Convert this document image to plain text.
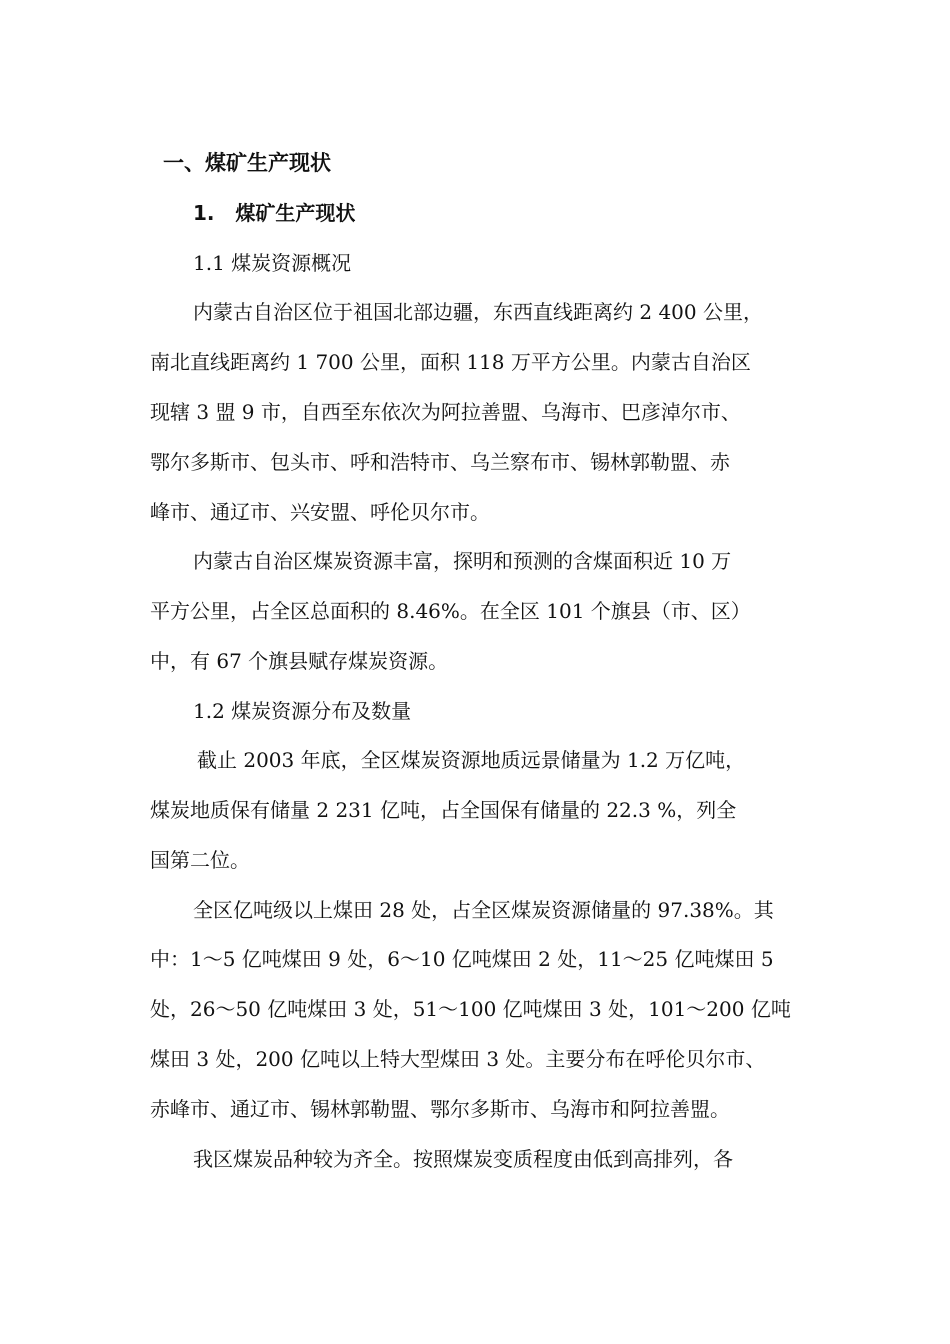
一、煤矿生产现状
1.   煤矿生产现状
1.1 煤炭资源概况
内蒙古自治区位于祖国北部边疆，东西直线距离约 2 400 公里，
南北直线距离约 1 700 公里，面积 118 万平方公里。内蒙古自治区
现辖 3 盟 9 市，自西至东依次为阿拉善盟、乌海市、巴彦淖尔市、
鄂尔多斯市、包头市、呼和浩特市、乌兰察布市、锡林郭勒盟、赤
峰市、通辽市、兴安盟、呼伦贝尔市。
内蒙古自治区煤炭资源丰富，探明和预测的含煤面积近 10 万
平方公里，占全区总面积的 8.46%。在全区 101 个旗县（市、区）
中，有 67 个旗县赋存煤炭资源。
1.2 煤炭资源分布及数量
截止 2003 年底，全区煤炭资源地质远景储量为 1.2 万亿吨，
煤炭地质保有储量 2 231 亿吨，占全国保有储量的 22.3 %，列全
国第二位。
全区亿吨级以上煤田 28 处，占全区煤炭资源储量的 97.38%。其
中：1～5 亿吨煤田 9 处，6～10 亿吨煤田 2 处，11～25 亿吨煤田 5
处，26～50 亿吨煤田 3 处，51～100 亿吨煤田 3 处，101～200 亿吨
煤田 3 处，200 亿吨以上特大型煤田 3 处。主要分布在呼伦贝尔市、
赤峰市、通辽市、锡林郭勒盟、鄂尔多斯市、乌海市和阿拉善盟。
我区煤炭品种较为齐全。按照煤炭变质程度由低到高排列，各
